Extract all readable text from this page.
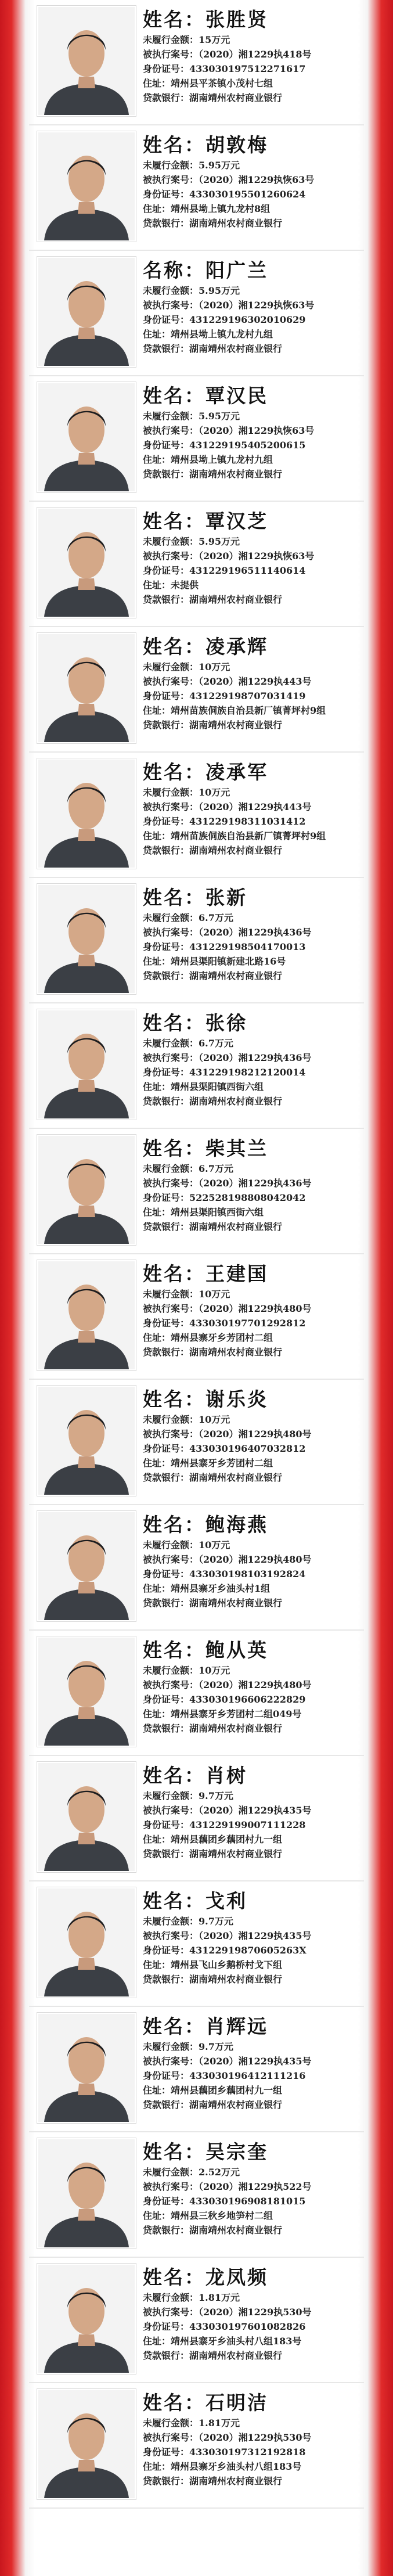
姓名：张胜贤
未履行金额：15万元
被执行案号：（2020）湘1229执418号
身份证号：433030197512271617
住址：靖州县平茶镇小茂村七组
贷款银行：湖南靖州农村商业银行
姓名：胡敦梅
未履行金额：5.95万元
被执行案号：（2020）湘1229执恢63号
身份证号：433030195501260624
住址：靖州县坳上镇九龙村8组
贷款银行：湖南靖州农村商业银行
名称：阳广兰
未履行金额：5.95万元
被执行案号：（2020）湘1229执恢63号
身份证号：431229196302010629
住址：靖州县坳上镇九龙村九组
贷款银行：湖南靖州农村商业银行
姓名：覃汉民
未履行金额：5.95万元
被执行案号：（2020）湘1229执恢63号
身份证号：431229195405200615
住址：靖州县坳上镇九龙村九组
贷款银行：湖南靖州农村商业银行
姓名：覃汉芝
未履行金额：5.95万元
被执行案号：（2020）湘1229执恢63号
身份证号：431229196511140614
住址：未提供
贷款银行：湖南靖州农村商业银行
姓名：凌承辉
未履行金额：10万元
被执行案号：（2020）湘1229执443号
身份证号：431229198707031419
住址：靖州苗族侗族自治县新厂镇菁坪村9组
贷款银行：湖南靖州农村商业银行
姓名：凌承军
未履行金额：10万元
被执行案号：（2020）湘1229执443号
身份证号：431229198311031412
住址：靖州苗族侗族自治县新厂镇菁坪村9组
贷款银行：湖南靖州农村商业银行
姓名：张新
未履行金额：6.7万元
被执行案号：（2020）湘1229执436号
身份证号：431229198504170013
住址：靖州县渠阳镇新建北路16号
贷款银行：湖南靖州农村商业银行
姓名：张徐
未履行金额：6.7万元
被执行案号：（2020）湘1229执436号
身份证号：431229198212120014
住址：靖州县渠阳镇西街六组
贷款银行：湖南靖州农村商业银行
姓名：柴其兰
未履行金额：6.7万元
被执行案号：（2020）湘1229执436号
身份证号：522528198808042042
住址：靖州县渠阳镇西街六组
贷款银行：湖南靖州农村商业银行
姓名：王建国
未履行金额：10万元
被执行案号：（2020）湘1229执480号
身份证号：433030197701292812
住址：靖州县寨牙乡芳团村二组
贷款银行：湖南靖州农村商业银行
姓名：谢乐炎
未履行金额：10万元
被执行案号：（2020）湘1229执480号
身份证号：433030196407032812
住址：靖州县寨牙乡芳团村二组
贷款银行：湖南靖州农村商业银行
姓名：鲍海燕
未履行金额：10万元
被执行案号：（2020）湘1229执480号
身份证号：433030198103192824
住址：靖州县寨牙乡油头村1组
贷款银行：湖南靖州农村商业银行
姓名：鲍从英
未履行金额：10万元
被执行案号：（2020）湘1229执480号
身份证号：433030196606222829
住址：靖州县寨牙乡芳团村二组049号
贷款银行：湖南靖州农村商业银行
姓名：肖树
未履行金额：9.7万元
被执行案号：（2020）湘1229执435号
身份证号：431229199007111228
住址：靖州县藕团乡藕团村九一组
贷款银行：湖南靖州农村商业银行
姓名：戈利
未履行金额：9.7万元
被执行案号：（2020）湘1229执435号
身份证号：431229198706052​63X
住址：靖州县飞山乡鹅桥村戈下组
贷款银行：湖南靖州农村商业银行
姓名：肖辉远
未履行金额：9.7万元
被执行案号：（2020）湘1229执435号
身份证号：433030196412111216
住址：靖州县藕团乡藕团村九一组
贷款银行：湖南靖州农村商业银行
姓名：吴宗奎
未履行金额：2.52万元
被执行案号：（2020）湘1229执522号
身份证号：433030196908181015
住址：靖州县三秋乡地笋村二组
贷款银行：湖南靖州农村商业银行
姓名：龙凤频
未履行金额：1.81万元
被执行案号：（2020）湘1229执530号
身份证号：433030197601082826
住址：靖州县寨牙乡油头村八组183号
贷款银行：湖南靖州农村商业银行
姓名：石明洁
未履行金额：1.81万元
被执行案号：（2020）湘1229执530号
身份证号：433030197312192818
住址：靖州县寨牙乡油头村八组183号
贷款银行：湖南靖州农村商业银行
